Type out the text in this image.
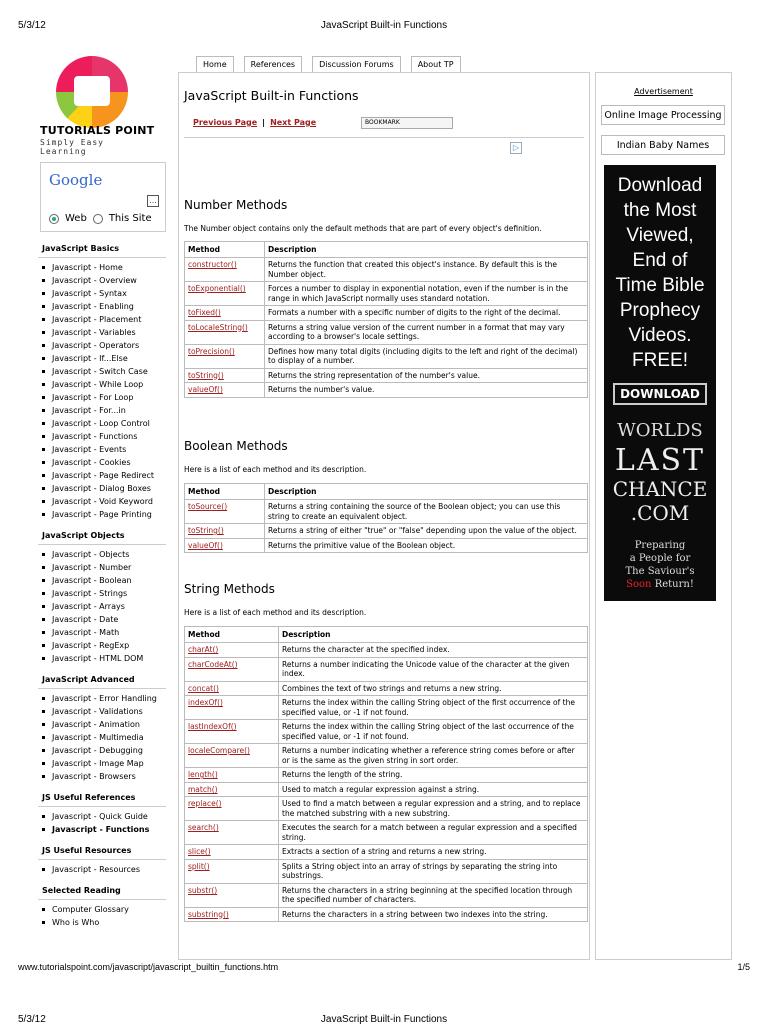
5/3/12	JavaScript Built-in Functions
TUTORIALS POINT
Simply Easy Learning
Google
…
Web This Site
JavaScript Basics
Javascript - Home
Javascript - Overview
Javascript - Syntax
Javascript - Enabling
Javascript - Placement
Javascript - Variables
Javascript - Operators
Javascript - If...Else
Javascript - Switch Case
Javascript - While Loop
Javascript - For Loop
Javascript - For...in
Javascript - Loop Control
Javascript - Functions
Javascript - Events
Javascript - Cookies
Javascript - Page Redirect
Javascript - Dialog Boxes
Javascript - Void Keyword
Javascript - Page Printing
JavaScript Objects
Javascript - Objects
Javascript - Number
Javascript - Boolean
Javascript - Strings
Javascript - Arrays
Javascript - Date
Javascript - Math
Javascript - RegExp
Javascript - HTML DOM
JavaScript Advanced
Javascript - Error Handling
Javascript - Validations
Javascript - Animation
Javascript - Multimedia
Javascript - Debugging
Javascript - Image Map
Javascript - Browsers
JS Useful References
Javascript - Quick Guide
Javascript - Functions
JS Useful Resources
Javascript - Resources
Selected Reading
Computer Glossary
Who is Who
Home	References	Discussion Forums	About TP
JavaScript Built-in Functions
Previous Page | Next Page	BOOKMARK
▷
Number Methods
The Number object contains only the default methods that are part of every object's definition.
Method	Description
constructor()	Returns the function that created this object's instance. By default this is the Number object.
toExponential()	Forces a number to display in exponential notation, even if the number is in the range in which JavaScript normally uses standard notation.
toFixed()	Formats a number with a specific number of digits to the right of the decimal.
toLocaleString()	Returns a string value version of the current number in a format that may vary according to a browser's locale settings.
toPrecision()	Defines how many total digits (including digits to the left and right of the decimal) to display of a number.
toString()	Returns the string representation of the number's value.
valueOf()	Returns the number's value.
Boolean Methods
Here is a list of each method and its description.
Method	Description
toSource()	Returns a string containing the source of the Boolean object; you can use this string to create an equivalent object.
toString()	Returns a string of either "true" or "false" depending upon the value of the object.
valueOf()	Returns the primitive value of the Boolean object.
String Methods
Here is a list of each method and its description.
Method	Description
charAt()	Returns the character at the specified index.
charCodeAt()	Returns a number indicating the Unicode value of the character at the given index.
concat()	Combines the text of two strings and returns a new string.
indexOf()	Returns the index within the calling String object of the first occurrence of the specified value, or -1 if not found.
lastIndexOf()	Returns the index within the calling String object of the last occurrence of the specified value, or -1 if not found.
localeCompare()	Returns a number indicating whether a reference string comes before or after or is the same as the given string in sort order.
length()	Returns the length of the string.
match()	Used to match a regular expression against a string.
replace()	Used to find a match between a regular expression and a string, and to replace the matched substring with a new substring.
search()	Executes the search for a match between a regular expression and a specified string.
slice()	Extracts a section of a string and returns a new string.
split()	Splits a String object into an array of strings by separating the string into substrings.
substr()	Returns the characters in a string beginning at the specified location through the specified number of characters.
substring()	Returns the characters in a string between two indexes into the string.
Advertisement
Online Image Processing
Indian Baby Names
Download
the Most
Viewed,
End of
Time Bible
Prophecy
Videos.
FREE!
DOWNLOAD
WORLDS
LAST
CHANCE
.COM
Preparing
a People for
The Saviour's
Soon Return!
www.tutorialspoint.com/javascript/javascript_builtin_functions.htm	1/5
5/3/12	JavaScript Built-in Functions
